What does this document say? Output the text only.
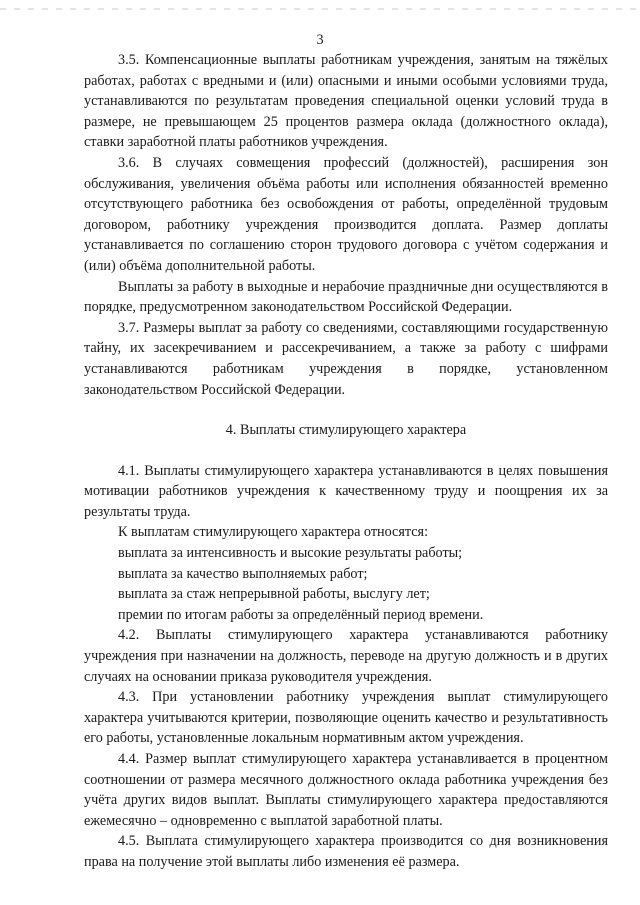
3

3.5. Компенсационные выплаты работникам учреждения, занятым на тяжёлых работах, работах с вредными и (или) опасными и иными особыми условиями труда, устанавливаются по результатам проведения специальной оценки условий труда в размере, не превышающем 25 процентов размера оклада (должностного оклада), ставки заработной платы работников учреждения.

3.6. В случаях совмещения профессий (должностей), расширения зон обслуживания, увеличения объёма работы или исполнения обязанностей временно отсутствующего работника без освобождения от работы, определённой трудовым договором, работнику учреждения производится доплата. Размер доплаты устанавливается по соглашению сторон трудового договора с учётом содержания и (или) объёма дополнительной работы.

Выплаты за работу в выходные и нерабочие праздничные дни осуществляются в порядке, предусмотренном законодательством Российской Федерации.

3.7. Размеры выплат за работу со сведениями, составляющими государственную тайну, их засекречиванием и рассекречиванием, а также за работу с шифрами устанавливаются работникам учреждения в порядке, установленном законодательством Российской Федерации.

4. Выплаты стимулирующего характера

4.1. Выплаты стимулирующего характера устанавливаются в целях повышения мотивации работников учреждения к качественному труду и поощрения их за результаты труда.

К выплатам стимулирующего характера относятся:

выплата за интенсивность и высокие результаты работы;

выплата за качество выполняемых работ;

выплата за стаж непрерывной работы, выслугу лет;

премии по итогам работы за определённый период времени.

4.2. Выплаты стимулирующего характера устанавливаются работнику учреждения при назначении на должность, переводе на другую должность и в других случаях на основании приказа руководителя учреждения.

4.3. При установлении работнику учреждения выплат стимулирующего характера учитываются критерии, позволяющие оценить качество и результативность его работы, установленные локальным нормативным актом учреждения.

4.4. Размер выплат стимулирующего характера устанавливается в процентном соотношении от размера месячного должностного оклада работника учреждения без учёта других видов выплат. Выплаты стимулирующего характера предоставляются ежемесячно – одновременно с выплатой заработной платы.

4.5. Выплата стимулирующего характера производится со дня возникновения права на получение этой выплаты либо изменения её размера.
